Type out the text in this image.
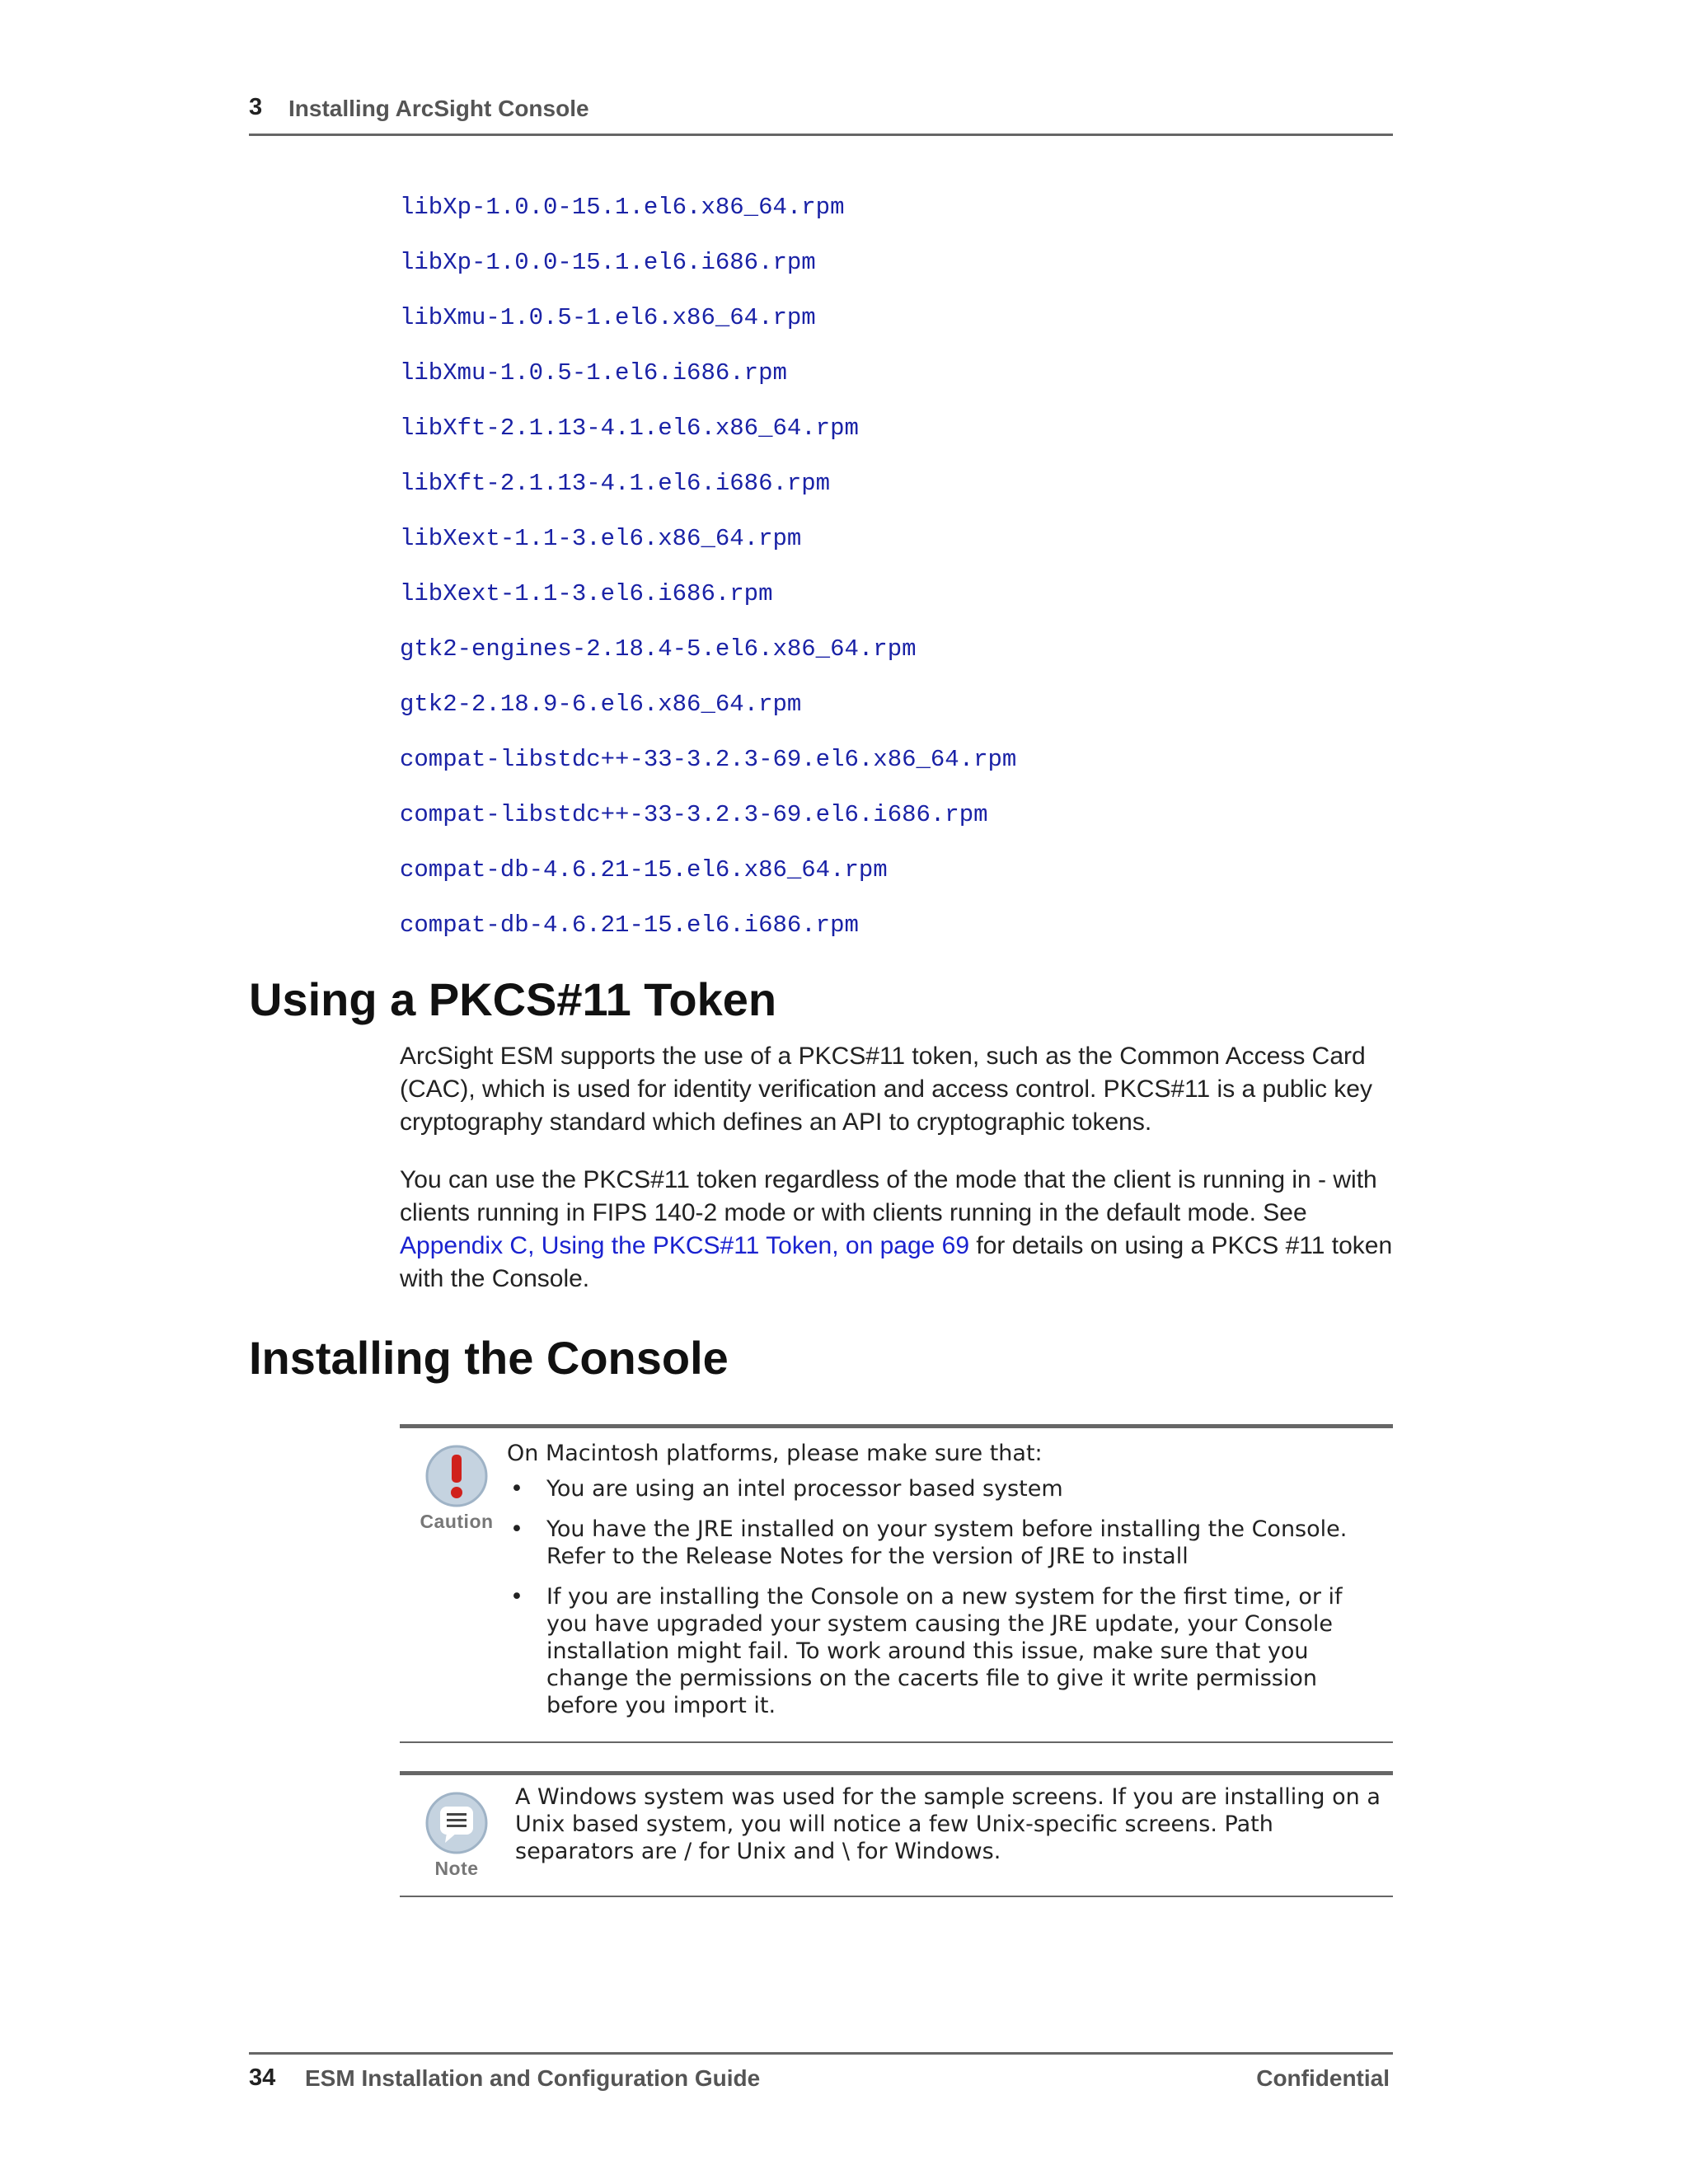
3 Installing ArcSight Console
libXp-1.0.0-15.1.el6.x86_64.rpm
libXp-1.0.0-15.1.el6.i686.rpm
libXmu-1.0.5-1.el6.x86_64.rpm
libXmu-1.0.5-1.el6.i686.rpm
libXft-2.1.13-4.1.el6.x86_64.rpm
libXft-2.1.13-4.1.el6.i686.rpm
libXext-1.1-3.el6.x86_64.rpm
libXext-1.1-3.el6.i686.rpm
gtk2-engines-2.18.4-5.el6.x86_64.rpm
gtk2-2.18.9-6.el6.x86_64.rpm
compat-libstdc++-33-3.2.3-69.el6.x86_64.rpm
compat-libstdc++-33-3.2.3-69.el6.i686.rpm
compat-db-4.6.21-15.el6.x86_64.rpm
compat-db-4.6.21-15.el6.i686.rpm
Using a PKCS#11 Token
ArcSight ESM supports the use of a PKCS#11 token, such as the Common Access Card (CAC), which is used for identity verification and access control. PKCS#11 is a public key cryptography standard which defines an API to cryptographic tokens.
You can use the PKCS#11 token regardless of the mode that the client is running in - with clients running in FIPS 140-2 mode or with clients running in the default mode. See Appendix C, Using the PKCS#11 Token, on page 69 for details on using a PKCS #11 token with the Console.
Installing the Console
Caution
On Macintosh platforms, please make sure that:
• You are using an intel processor based system
• You have the JRE installed on your system before installing the Console. Refer to the Release Notes for the version of JRE to install
• If you are installing the Console on a new system for the first time, or if you have upgraded your system causing the JRE update, your Console installation might fail. To work around this issue, make sure that you change the permissions on the cacerts file to give it write permission before you import it.
Note
A Windows system was used for the sample screens. If you are installing on a Unix based system, you will notice a few Unix-specific screens. Path separators are / for Unix and \ for Windows.
34 ESM Installation and Configuration Guide	Confidential
